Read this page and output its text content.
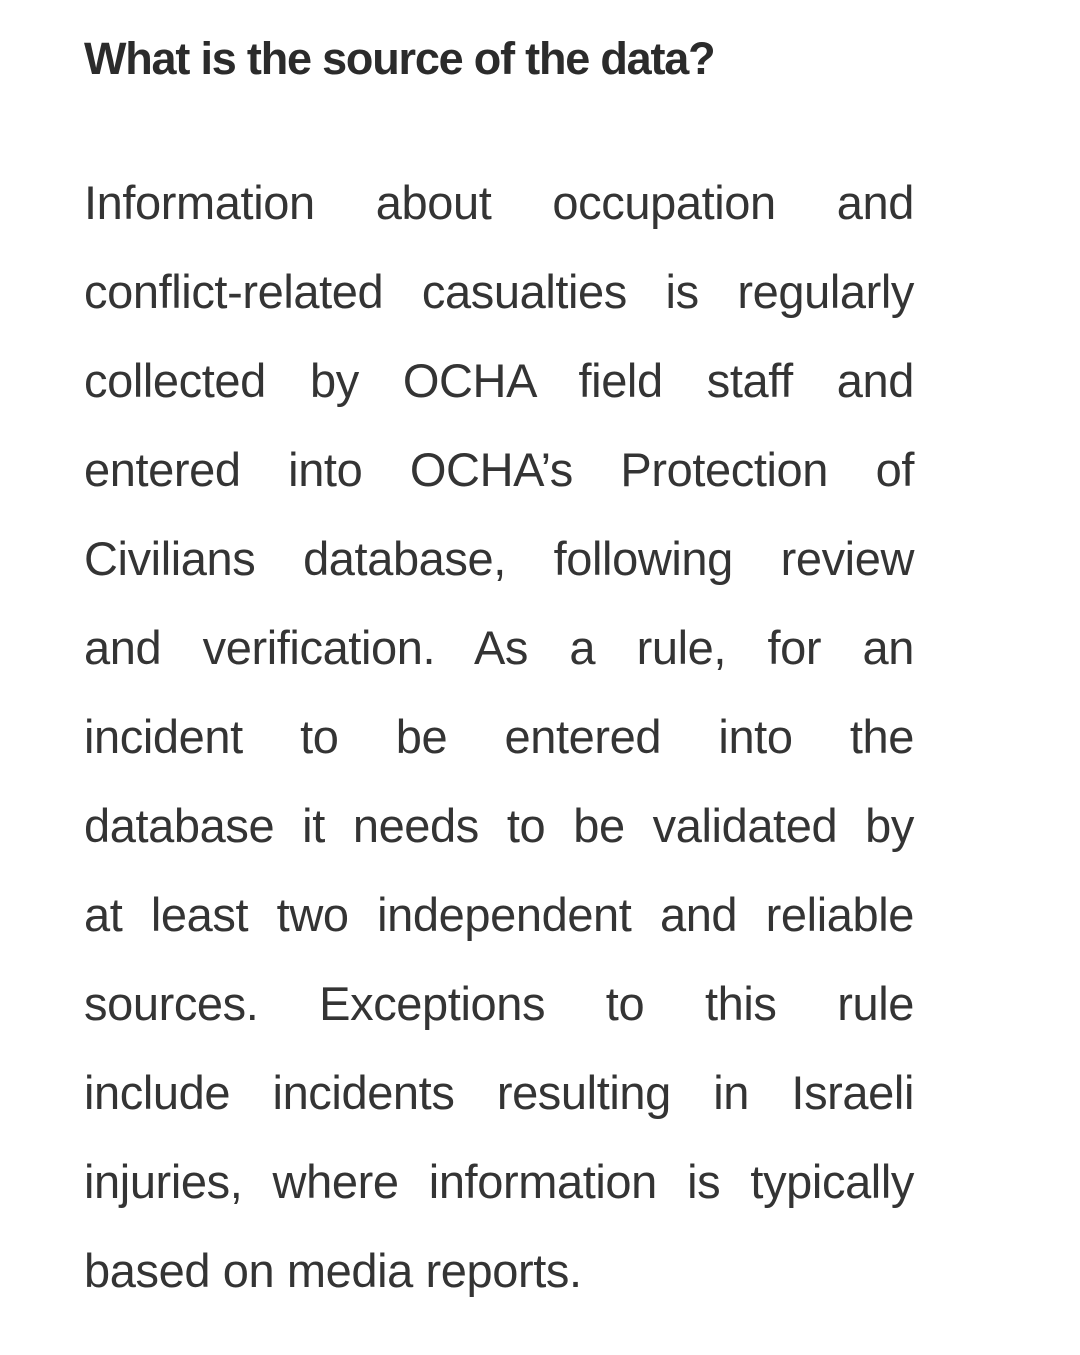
What is the source of the data?
Information about occupation and
conflict-related casualties is regularly
collected by OCHA field staff and
entered into OCHA’s Protection of
Civilians database, following review
and verification. As a rule, for an
incident to be entered into the
database it needs to be validated by
at least two independent and reliable
sources. Exceptions to this rule
include incidents resulting in Israeli
injuries, where information is typically
based on media reports.
